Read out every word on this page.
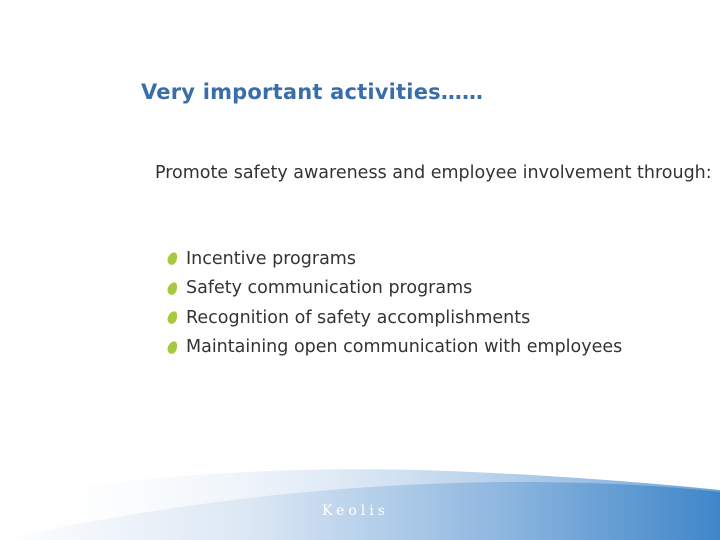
Very important activities……
Promote safety awareness and employee involvement through:
Incentive programs
Safety communication programs
Recognition of safety accomplishments
Maintaining open communication with employees
Keolis
